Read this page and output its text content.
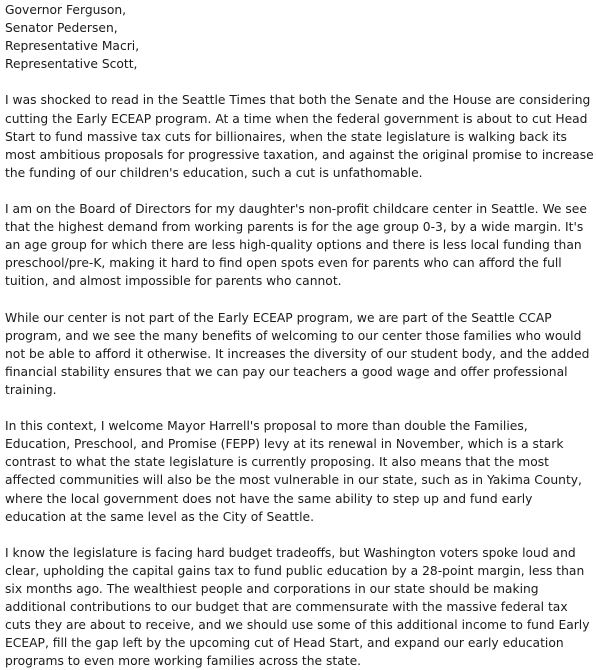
Governor Ferguson,

Senator Pedersen,

Representative Macri,

Representative Scott,

I was shocked to read in the Seattle Times that both the Senate and the House are considering cutting the Early ECEAP program. At a time when the federal government is about to cut Head Start to fund massive tax cuts for billionaires, when the state legislature is walking back its most ambitious proposals for progressive taxation, and against the original promise to increase the funding of our children's education, such a cut is unfathomable.

I am on the Board of Directors for my daughter's non-profit childcare center in Seattle. We see that the highest demand from working parents is for the age group 0-3, by a wide margin. It's an age group for which there are less high-quality options and there is less local funding than preschool/pre-K, making it hard to find open spots even for parents who can afford the full tuition, and almost impossible for parents who cannot.

While our center is not part of the Early ECEAP program, we are part of the Seattle CCAP program, and we see the many benefits of welcoming to our center those families who would not be able to afford it otherwise. It increases the diversity of our student body, and the added financial stability ensures that we can pay our teachers a good wage and offer professional training.

In this context, I welcome Mayor Harrell's proposal to more than double the Families, Education, Preschool, and Promise (FEPP) levy at its renewal in November, which is a stark contrast to what the state legislature is currently proposing. It also means that the most affected communities will also be the most vulnerable in our state, such as in Yakima County, where the local government does not have the same ability to step up and fund early education at the same level as the City of Seattle.

I know the legislature is facing hard budget tradeoffs, but Washington voters spoke loud and clear, upholding the capital gains tax to fund public education by a 28-point margin, less than six months ago. The wealthiest people and corporations in our state should be making additional contributions to our budget that are commensurate with the massive federal tax cuts they are about to receive, and we should use some of this additional income to fund Early ECEAP, fill the gap left by the upcoming cut of Head Start, and expand our early education programs to even more working families across the state.
